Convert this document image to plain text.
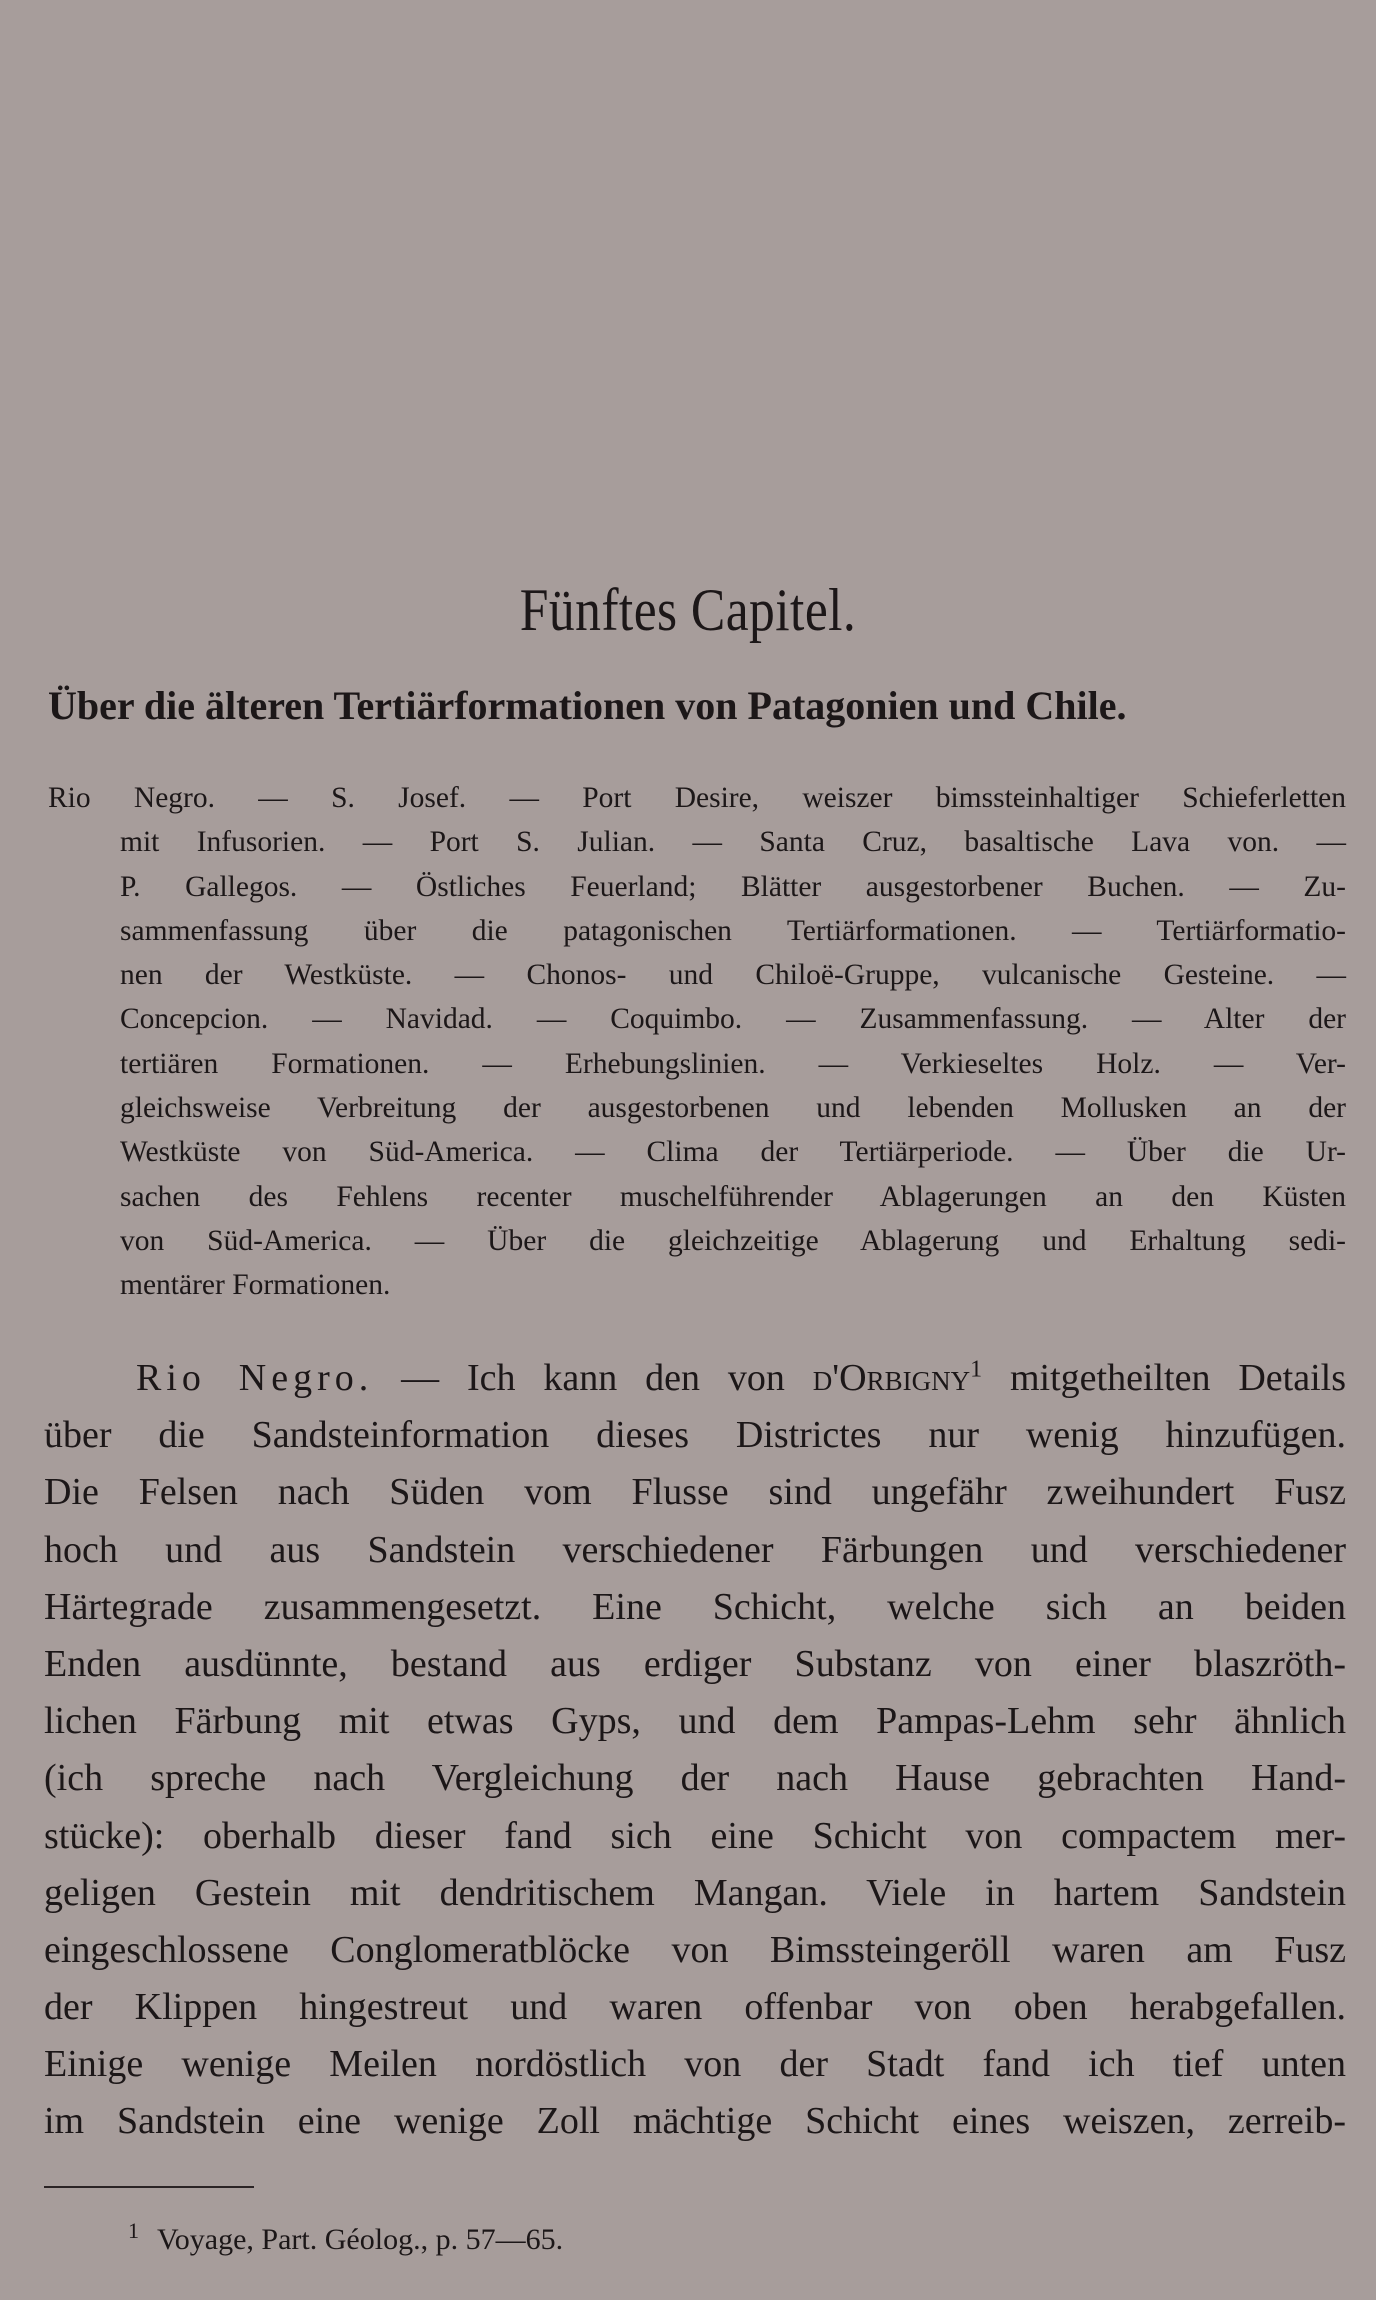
Fünftes Capitel.
Über die älteren Tertiärformationen von Patagonien und Chile.
Rio Negro. — S. Josef. — Port Desire, weiszer bimssteinhaltiger Schieferletten
mit Infusorien. — Port S. Julian. — Santa Cruz, basaltische Lava von. —
P. Gallegos. — Östliches Feuerland; Blätter ausgestorbener Buchen. — Zu-
sammenfassung über die patagonischen Tertiärformationen. — Tertiärformatio-
nen der Westküste. — Chonos- und Chiloë-Gruppe, vulcanische Gesteine. —
Concepcion. — Navidad. — Coquimbo. — Zusammenfassung. — Alter der
tertiären Formationen. — Erhebungslinien. — Verkieseltes Holz. — Ver-
gleichsweise Verbreitung der ausgestorbenen und lebenden Mollusken an der
Westküste von Süd-America. — Clima der Tertiärperiode. — Über die Ur-
sachen des Fehlens recenter muschelführender Ablagerungen an den Küsten
von Süd-America. — Über die gleichzeitige Ablagerung und Erhaltung sedi-
mentärer Formationen.
Rio Negro. — Ich kann den von d'Orbigny$^1$ mitgetheilten Details
über die Sandsteinformation dieses Districtes nur wenig hinzufügen.
Die Felsen nach Süden vom Flusse sind ungefähr zweihundert Fusz
hoch und aus Sandstein verschiedener Färbungen und verschiedener
Härtegrade zusammengesetzt. Eine Schicht, welche sich an beiden
Enden ausdünnte, bestand aus erdiger Substanz von einer blaszröth-
lichen Färbung mit etwas Gyps, und dem Pampas-Lehm sehr ähnlich
(ich spreche nach Vergleichung der nach Hause gebrachten Hand-
stücke): oberhalb dieser fand sich eine Schicht von compactem mer-
geligen Gestein mit dendritischem Mangan. Viele in hartem Sandstein
eingeschlossene Conglomeratblöcke von Bimssteingeröll waren am Fusz
der Klippen hingestreut und waren offenbar von oben herabgefallen.
Einige wenige Meilen nordöstlich von der Stadt fand ich tief unten
im Sandstein eine wenige Zoll mächtige Schicht eines weiszen, zerreib-
$^1$ Voyage, Part. Géolog., p. 57—65.
